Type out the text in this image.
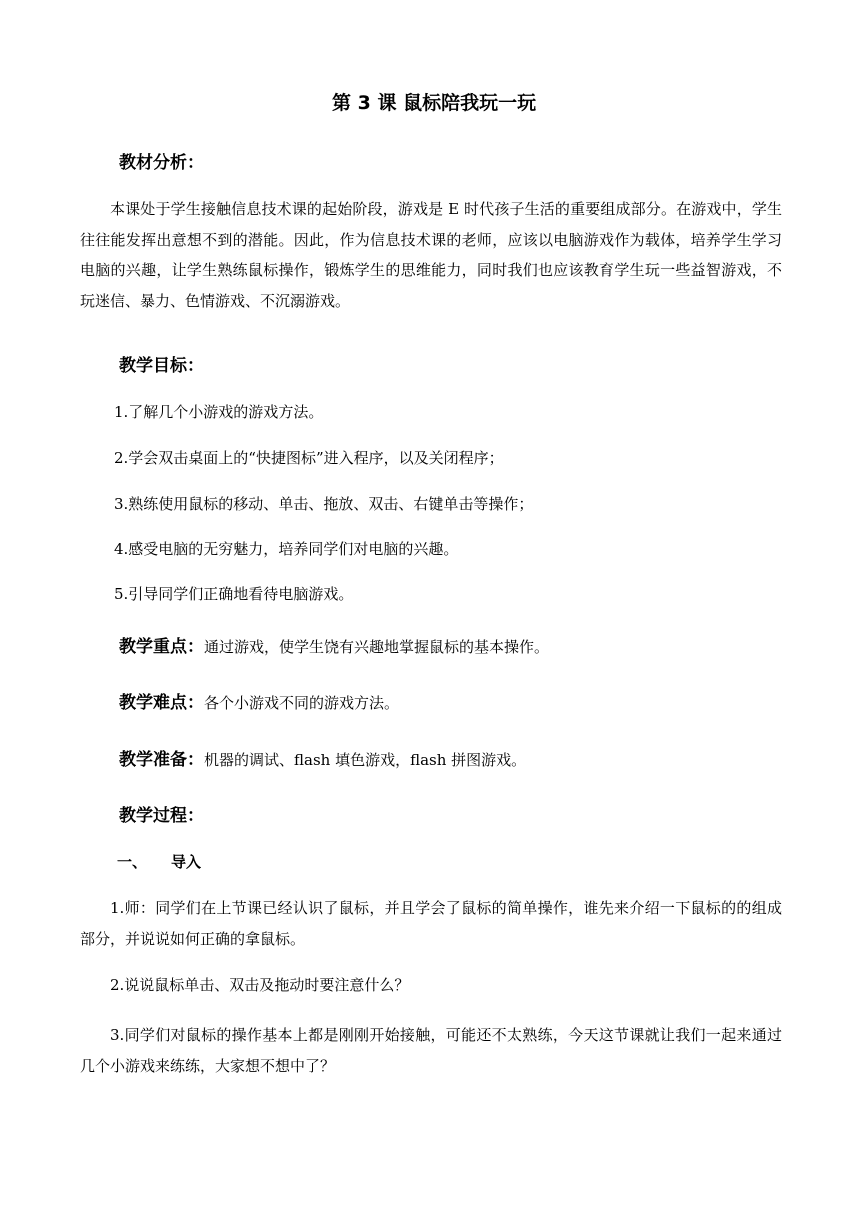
第 3 课 鼠标陪我玩一玩
教材分析：

本课处于学生接触信息技术课的起始阶段，游戏是 E 时代孩子生活的重要组成部分。在游戏中，学生往往能发挥出意想不到的潜能。因此，作为信息技术课的老师，应该以电脑游戏作为载体，培养学生学习电脑的兴趣，让学生熟练鼠标操作，锻炼学生的思维能力，同时我们也应该教育学生玩一些益智游戏，不玩迷信、暴力、色情游戏、不沉溺游戏。

教学目标：
1.了解几个小游戏的游戏方法。
2.学会双击桌面上的“快捷图标”进入程序，以及关闭程序；
3.熟练使用鼠标的移动、单击、拖放、双击、右键单击等操作；
4.感受电脑的无穷魅力，培养同学们对电脑的兴趣。
5.引导同学们正确地看待电脑游戏。
教学重点：通过游戏，使学生饶有兴趣地掌握鼠标的基本操作。
教学难点：各个小游戏不同的游戏方法。
教学准备：机器的调试、flash 填色游戏，flash 拼图游戏。
教学过程：
一、 导入

1.师：同学们在上节课已经认识了鼠标，并且学会了鼠标的简单操作，谁先来介绍一下鼠标的的组成部分，并说说如何正确的拿鼠标。

2.说说鼠标单击、双击及拖动时要注意什么？

3.同学们对鼠标的操作基本上都是刚刚开始接触，可能还不太熟练，今天这节课就让我们一起来通过几个小游戏来练练，大家想不想中了？
